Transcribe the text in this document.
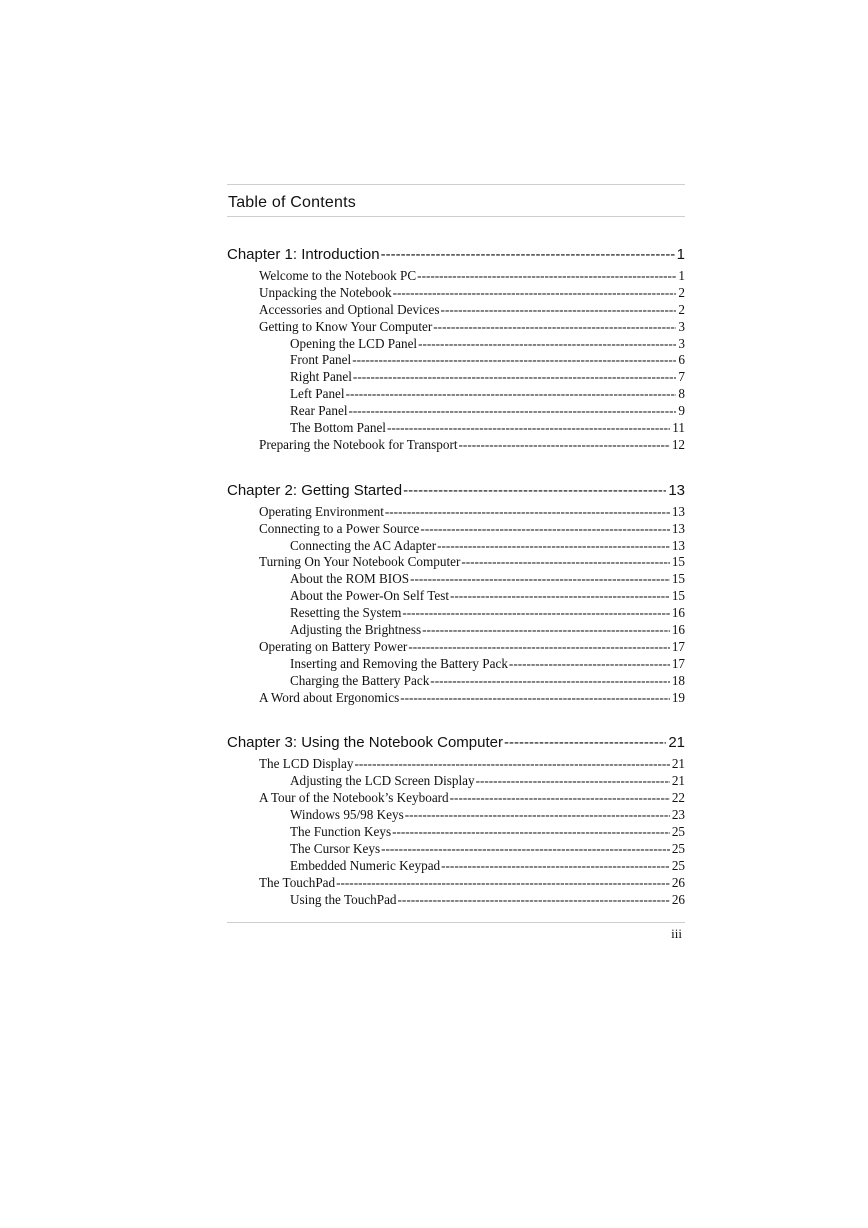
Table of Contents
Chapter 1: Introduction -----	1
Welcome to the Notebook PC -----	1
Unpacking the Notebook -----	2
Accessories and Optional Devices -----	2
Getting to Know Your Computer -----	3
Opening the LCD Panel -----	3
Front Panel -----	6
Right Panel -----	7
Left Panel -----	8
Rear Panel -----	9
The Bottom Panel -----	11
Preparing the Notebook for Transport -----	12
Chapter 2: Getting Started -----	13
Operating Environment -----	13
Connecting to a Power Source -----	13
Connecting the AC Adapter -----	13
Turning On Your Notebook Computer -----	15
About the ROM BIOS -----	15
About the Power-On Self Test -----	15
Resetting the System -----	16
Adjusting the Brightness -----	16
Operating on Battery Power -----	17
Inserting and Removing the Battery Pack -----	17
Charging the Battery Pack -----	18
A Word about Ergonomics -----	19
Chapter 3: Using the Notebook Computer -----	21
The LCD Display -----	21
Adjusting the LCD Screen Display -----	21
A Tour of the Notebook’s Keyboard -----	22
Windows 95/98 Keys -----	23
The Function Keys -----	25
The Cursor Keys -----	25
Embedded Numeric Keypad -----	25
The TouchPad -----	26
Using the TouchPad -----	26
iii
